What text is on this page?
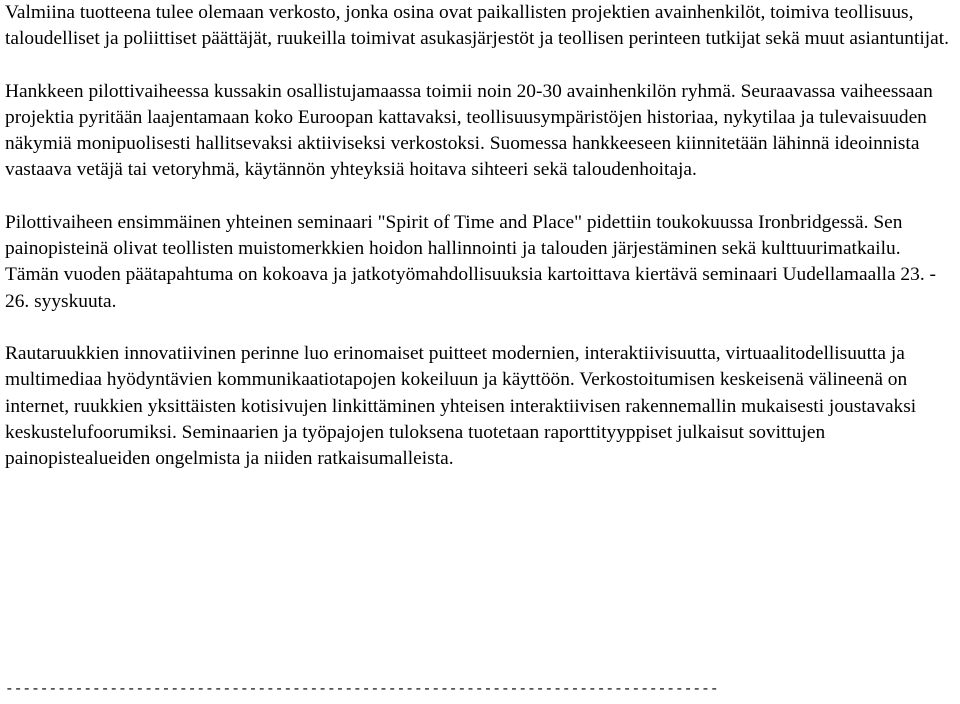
Valmiina tuotteena tulee olemaan verkosto, jonka osina ovat paikallisten projektien avainhenkilöt, toimiva teollisuus, taloudelliset ja poliittiset päättäjät, ruukeilla toimivat asukasjärjestöt ja teollisen perinteen tutkijat sekä muut asiantuntijat.

Hankkeen pilottivaiheessa kussakin osallistujamaassa toimii noin 20-30 avainhenkilön ryhmä. Seuraavassa vaiheessaan projektia pyritään laajentamaan koko Euroopan kattavaksi, teollisuusympäristöjen historiaa, nykytilaa ja tulevaisuuden näkymiä monipuolisesti hallitsevaksi aktiiviseksi verkostoksi. Suomessa hankkeeseen kiinnitetään lähinnä ideoinnista vastaava vetäjä tai vetoryhmä, käytännön yhteyksiä hoitava sihteeri sekä taloudenhoitaja.

Pilottivaiheen ensimmäinen yhteinen seminaari "Spirit of Time and Place" pidettiin toukokuussa Ironbridgessä. Sen painopisteinä olivat teollisten muistomerkkien hoidon hallinnointi ja talouden järjestäminen sekä kulttuurimatkailu. Tämän vuoden päätapahtuma on kokoava ja jatkotyömahdollisuuksia kartoittava kiertävä seminaari Uudellamaalla 23. - 26. syyskuuta.

Rautaruukkien innovatiivinen perinne luo erinomaiset puitteet modernien, interaktiivisuutta, virtuaalitodellisuutta ja multimediaa hyödyntävien kommunikaatiotapojen kokeiluun ja käyttöön. Verkostoitumisen keskeisenä välineenä on internet, ruukkien yksittäisten kotisivujen linkittäminen yhteisen interaktiivisen rakennemallin mukaisesti joustavaksi keskustelufoorumiksi. Seminaarien ja työpajojen tuloksena tuotetaan raporttityyppiset julkaisut sovittujen painopistealueiden ongelmista ja niiden ratkaisumalleista.

----------------------------------------------------------------------------------
